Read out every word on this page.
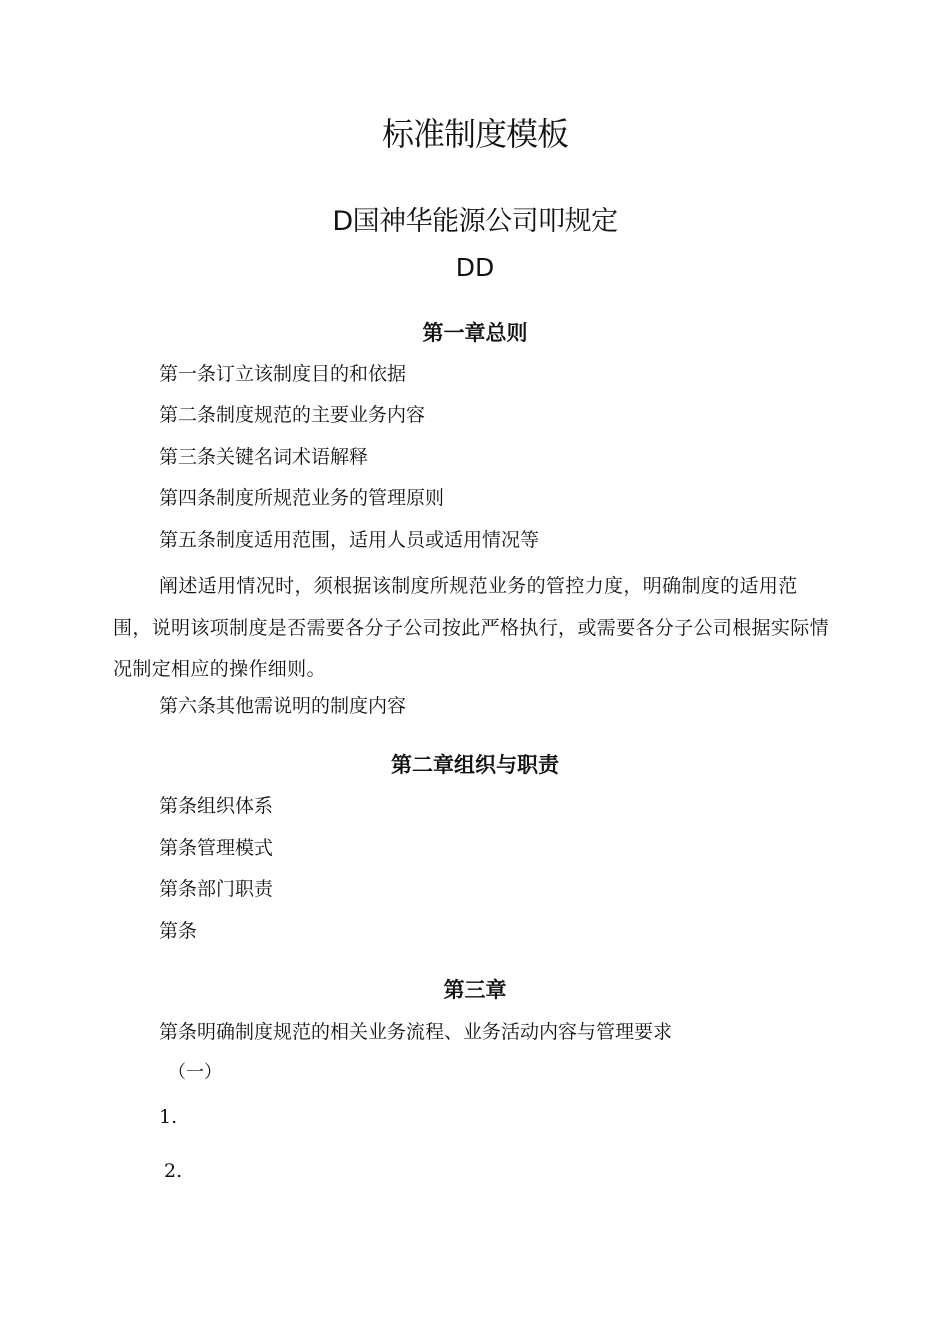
标准制度模板
D国神华能源公司叩规定
DD
第一章总则
第一条订立该制度目的和依据
第二条制度规范的主要业务内容
第三条关键名词术语解释
第四条制度所规范业务的管理原则
第五条制度适用范围，适用人员或适用情况等
阐述适用情况时，须根据该制度所规范业务的管控力度，明确制度的适用范围，说明该项制度是否需要各分子公司按此严格执行，或需要各分子公司根据实际情况制定相应的操作细则。
第六条其他需说明的制度内容
第二章组织与职责
第条组织体系
第条管理模式
第条部门职责
第条
第三章
第条明确制度规范的相关业务流程、业务活动内容与管理要求
（一）
1.
2.
